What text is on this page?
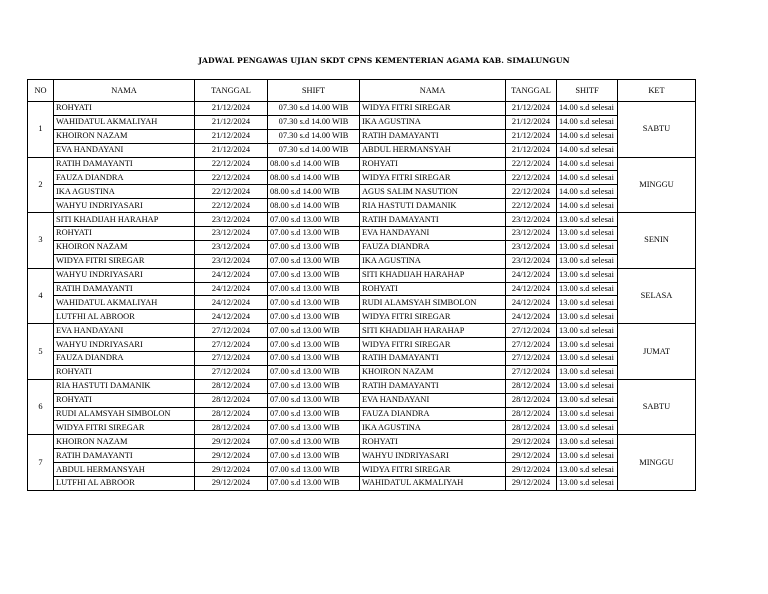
JADWAL PENGAWAS UJIAN SKDT CPNS KEMENTERIAN AGAMA KAB. SIMALUNGUN
NO	NAMA	TANGGAL	SHIFT	NAMA	TANGGAL	SHITF	KET
1	ROHYATI	21/12/2024	07.30 s.d 14.00 WIB	WIDYA FITRI SIREGAR	21/12/2024	14.00 s.d selesai	SABTU
	WAHIDATUL AKMALIYAH	21/12/2024	07.30 s.d 14.00 WIB	IKA AGUSTINA	21/12/2024	14.00 s.d selesai	
	KHOIRON NAZAM	21/12/2024	07.30 s.d 14.00 WIB	RATIH DAMAYANTI	21/12/2024	14.00 s.d selesai	
	EVA HANDAYANI	21/12/2024	07.30 s.d 14.00 WIB	ABDUL HERMANSYAH	21/12/2024	14.00 s.d selesai	
2	RATIH DAMAYANTI	22/12/2024	08.00 s.d 14.00 WIB	ROHYATI	22/12/2024	14.00 s.d selesai	MINGGU
	FAUZA DIANDRA	22/12/2024	08.00 s.d 14.00 WIB	WIDYA FITRI SIREGAR	22/12/2024	14.00 s.d selesai	
	IKA AGUSTINA	22/12/2024	08.00 s.d 14.00 WIB	AGUS SALIM NASUTION	22/12/2024	14.00 s.d selesai	
	WAHYU INDRIYASARI	22/12/2024	08.00 s.d 14.00 WIB	RIA HASTUTI DAMANIK	22/12/2024	14.00 s.d selesai	
3	SITI KHADIJAH HARAHAP	23/12/2024	07.00 s.d 13.00 WIB	RATIH DAMAYANTI	23/12/2024	13.00 s.d selesai	SENIN
	ROHYATI	23/12/2024	07.00 s.d 13.00 WIB	EVA HANDAYANI	23/12/2024	13.00 s.d selesai	
	KHOIRON NAZAM	23/12/2024	07.00 s.d 13.00 WIB	FAUZA DIANDRA	23/12/2024	13.00 s.d selesai	
	WIDYA FITRI SIREGAR	23/12/2024	07.00 s.d 13.00 WIB	IKA AGUSTINA	23/12/2024	13.00 s.d selesai	
4	WAHYU INDRIYASARI	24/12/2024	07.00 s.d 13.00 WIB	SITI KHADIJAH HARAHAP	24/12/2024	13.00 s.d selesai	SELASA
	RATIH DAMAYANTI	24/12/2024	07.00 s.d 13.00 WIB	ROHYATI	24/12/2024	13.00 s.d selesai	
	WAHIDATUL AKMALIYAH	24/12/2024	07.00 s.d 13.00 WIB	RUDI ALAMSYAH SIMBOLON	24/12/2024	13.00 s.d selesai	
	LUTFHI AL ABROOR	24/12/2024	07.00 s.d 13.00 WIB	WIDYA FITRI SIREGAR	24/12/2024	13.00 s.d selesai	
5	EVA HANDAYANI	27/12/2024	07.00 s.d 13.00 WIB	SITI KHADIJAH HARAHAP	27/12/2024	13.00 s.d selesai	JUMAT
	WAHYU INDRIYASARI	27/12/2024	07.00 s.d 13.00 WIB	WIDYA FITRI SIREGAR	27/12/2024	13.00 s.d selesai	
	FAUZA DIANDRA	27/12/2024	07.00 s.d 13.00 WIB	RATIH DAMAYANTI	27/12/2024	13.00 s.d selesai	
	ROHYATI	27/12/2024	07.00 s.d 13.00 WIB	KHOIRON NAZAM	27/12/2024	13.00 s.d selesai	
6	RIA HASTUTI DAMANIK	28/12/2024	07.00 s.d 13.00 WIB	RATIH DAMAYANTI	28/12/2024	13.00 s.d selesai	SABTU
	ROHYATI	28/12/2024	07.00 s.d 13.00 WIB	EVA HANDAYANI	28/12/2024	13.00 s.d selesai	
	RUDI ALAMSYAH SIMBOLON	28/12/2024	07.00 s.d 13.00 WIB	FAUZA DIANDRA	28/12/2024	13.00 s.d selesai	
	WIDYA FITRI SIREGAR	28/12/2024	07.00 s.d 13.00 WIB	IKA AGUSTINA	28/12/2024	13.00 s.d selesai	
7	KHOIRON NAZAM	29/12/2024	07.00 s.d 13.00 WIB	ROHYATI	29/12/2024	13.00 s.d selesai	MINGGU
	RATIH DAMAYANTI	29/12/2024	07.00 s.d 13.00 WIB	WAHYU INDRIYASARI	29/12/2024	13.00 s.d selesai	
	ABDUL HERMANSYAH	29/12/2024	07.00 s.d 13.00 WIB	WIDYA FITRI SIREGAR	29/12/2024	13.00 s.d selesai	
	LUTFHI AL ABROOR	29/12/2024	07.00 s.d 13.00 WIB	WAHIDATUL AKMALIYAH	29/12/2024	13.00 s.d selesai	
